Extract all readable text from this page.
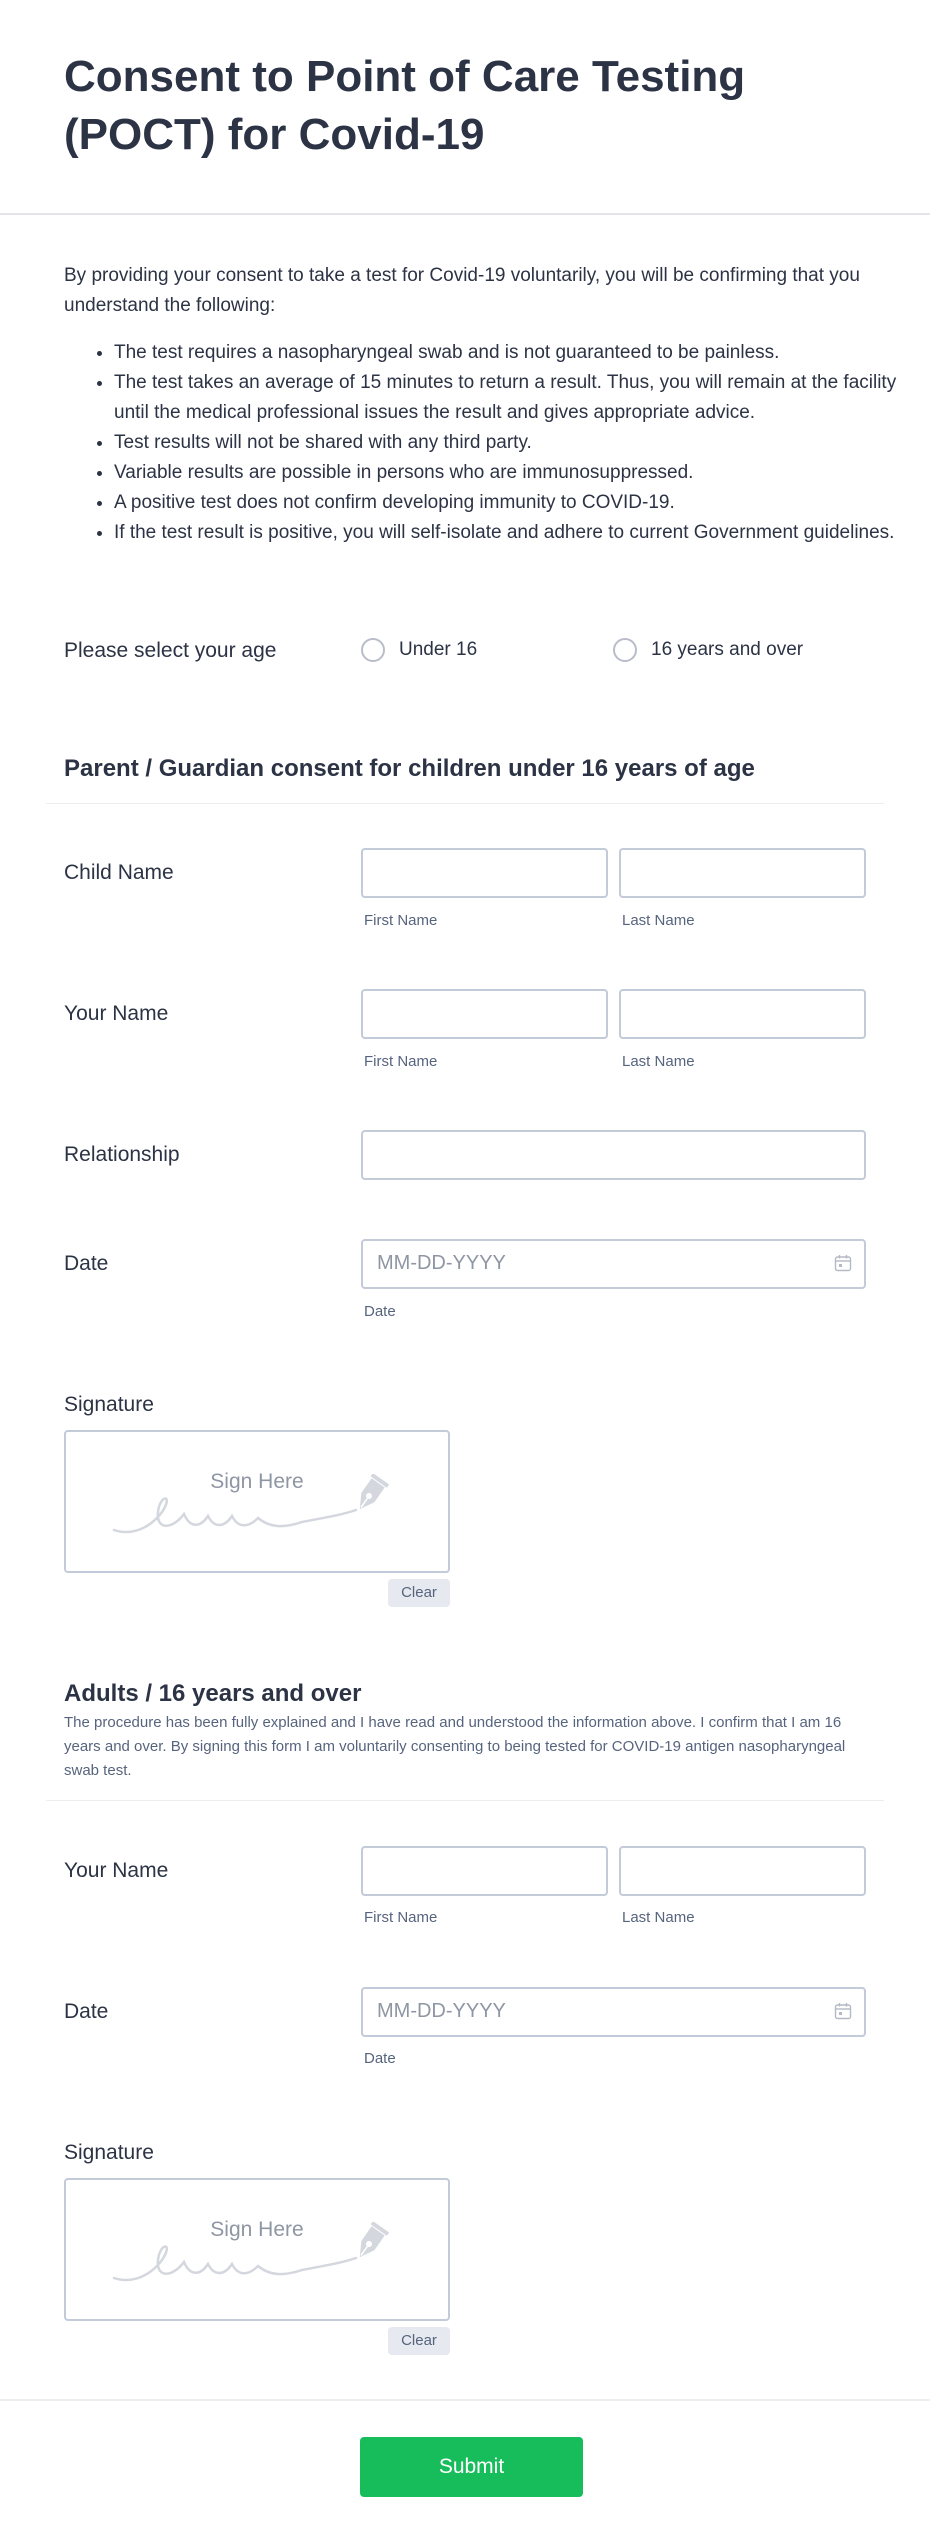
Consent to Point of Care Testing (POCT) for Covid-19

By providing your consent to take a test for Covid-19 voluntarily, you will be confirming that you understand the following:

• The test requires a nasopharyngeal swab and is not guaranteed to be painless.
• The test takes an average of 15 minutes to return a result. Thus, you will remain at the facility until the medical professional issues the result and gives appropriate advice.
• Test results will not be shared with any third party.
• Variable results are possible in persons who are immunosuppressed.
• A positive test does not confirm developing immunity to COVID-19.
• If the test result is positive, you will self-isolate and adhere to current Government guidelines.
Please select your age	Under 16	16 years and over
Parent / Guardian consent for children under 16 years of age
Child Name
First Name	Last Name
Your Name
First Name	Last Name
Relationship
Date	MM-DD-YYYY
Date
Signature
Sign Here
Clear
Adults / 16 years and over
The procedure has been fully explained and I have read and understood the information above. I confirm that I am 16 years and over. By signing this form I am voluntarily consenting to being tested for COVID-19 antigen nasopharyngeal swab test.
Your Name
First Name	Last Name
Date	MM-DD-YYYY
Date
Signature
Sign Here
Clear
Submit
